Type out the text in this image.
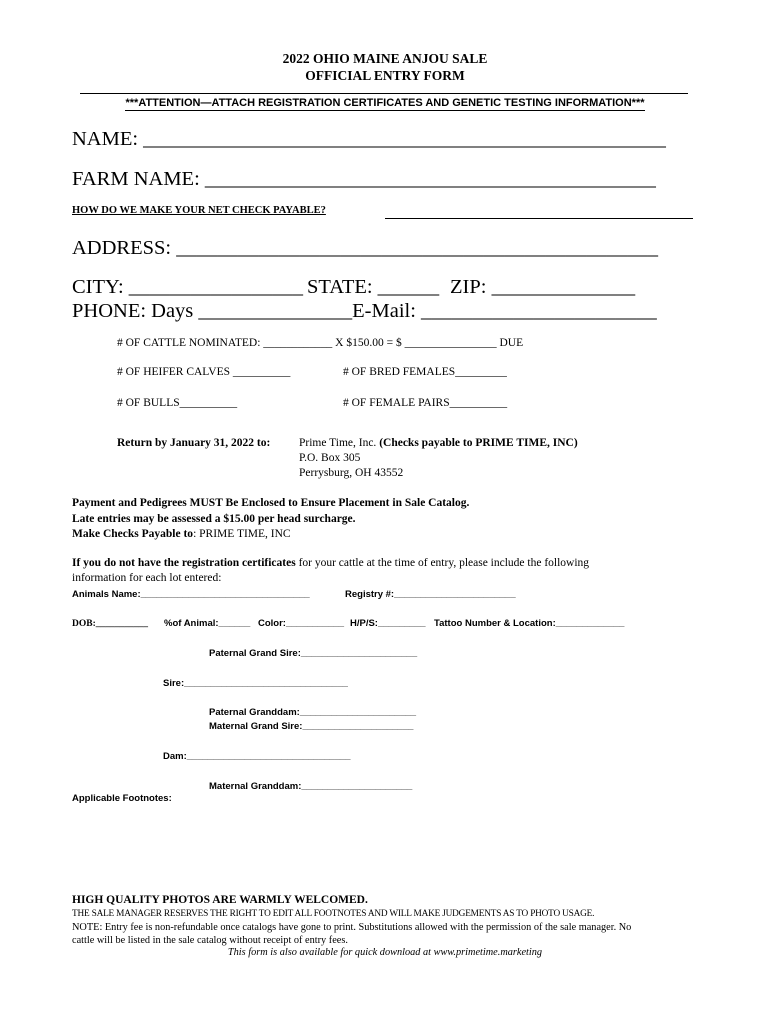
2022 OHIO MAINE ANJOU SALE
OFFICIAL ENTRY FORM
***ATTENTION—ATTACH REGISTRATION CERTIFICATES AND GENETIC TESTING INFORMATION***
NAME: ___________________________________________________
FARM NAME: ____________________________________________
HOW DO WE MAKE YOUR NET CHECK PAYABLE?
ADDRESS: _______________________________________________
CITY: _________________ STATE: ______ ZIP: ______________
PHONE: Days _______________E-Mail: _______________________
# OF CATTLE NOMINATED: ____________ X $150.00 = $ ________________ DUE
# OF HEIFER CALVES __________	# OF BRED FEMALES_________
# OF BULLS__________	# OF FEMALE PAIRS__________
Return by January 31, 2022 to: Prime Time, Inc. (Checks payable to PRIME TIME, INC)
P.O. Box 305
Perrysburg, OH 43552
Payment and Pedigrees MUST Be Enclosed to Ensure Placement in Sale Catalog.
Late entries may be assessed a $15.00 per head surcharge.
Make Checks Payable to: PRIME TIME, INC
If you do not have the registration certificates for your cattle at the time of entry, please include the following
information for each lot entered:
Animals Name:________________________________	Registry #:_______________________
DOB:___________ %of Animal:______ Color:___________ H/P/S:_________ Tattoo Number & Location:_____________
Paternal Grand Sire:______________________
Sire:_______________________________
Paternal Granddam:______________________
Maternal Grand Sire:_____________________
Dam:_______________________________
Maternal Granddam:_____________________
Applicable Footnotes:
HIGH QUALITY PHOTOS ARE WARMLY WELCOMED.
THE SALE MANAGER RESERVES THE RIGHT TO EDIT ALL FOOTNOTES AND WILL MAKE JUDGEMENTS AS TO PHOTO USAGE.
NOTE: Entry fee is non-refundable once catalogs have gone to print. Substitutions allowed with the permission of the sale manager. No
cattle will be listed in the sale catalog without receipt of entry fees.
This form is also available for quick download at www.primetime.marketing
